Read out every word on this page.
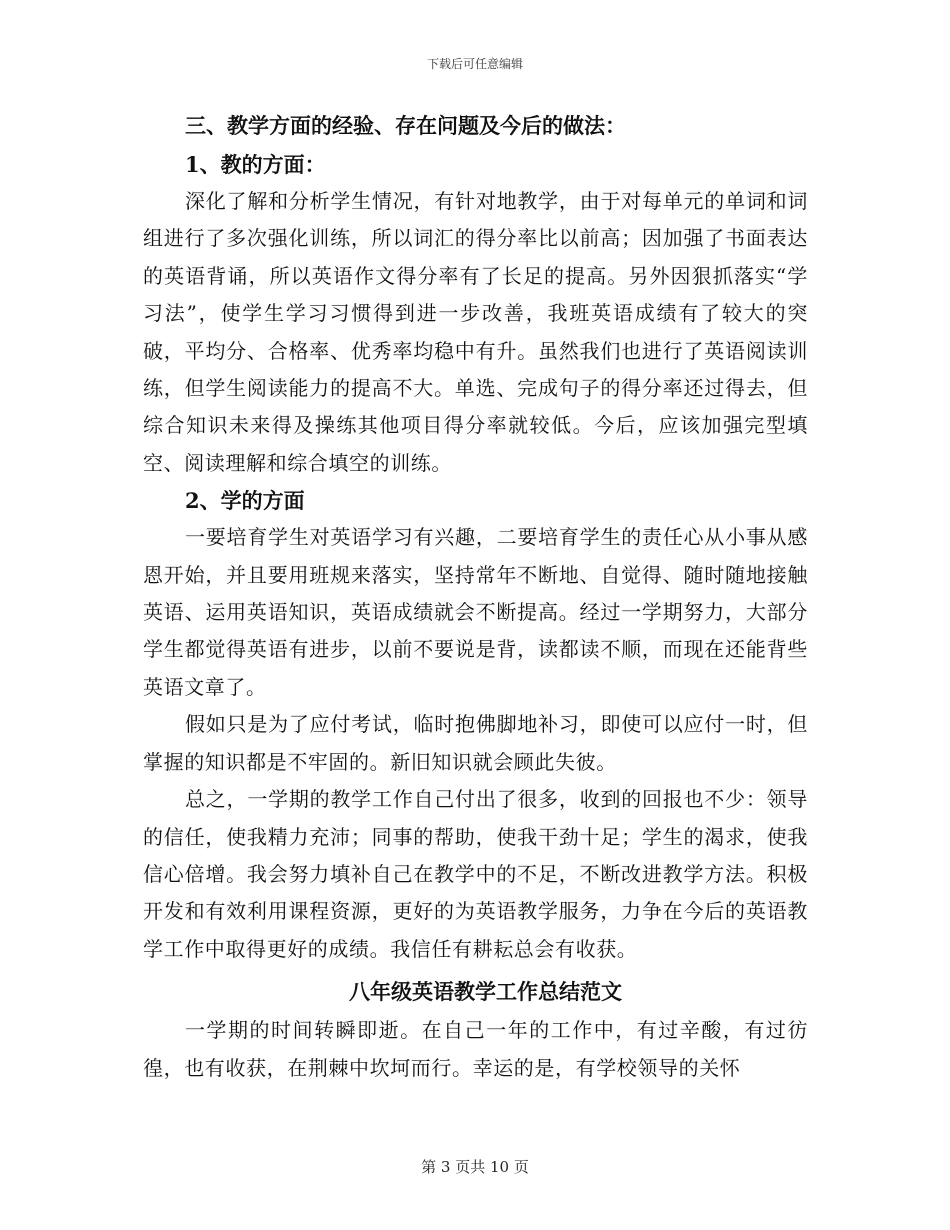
下载后可任意编辑
三、教学方面的经验、存在问题及今后的做法：
1、教的方面：

深化了解和分析学生情况，有针对地教学，由于对每单元的单词和词组进行了多次强化训练，所以词汇的得分率比以前高；因加强了书面表达的英语背诵，所以英语作文得分率有了长足的提高。另外因狠抓落实“学习法”，使学生学习习惯得到进一步改善，我班英语成绩有了较大的突破，平均分、合格率、优秀率均稳中有升。虽然我们也进行了英语阅读训练，但学生阅读能力的提高不大。单选、完成句子的得分率还过得去，但综合知识未来得及操练其他项目得分率就较低。今后，应该加强完型填空、阅读理解和综合填空的训练。

2、学的方面

一要培育学生对英语学习有兴趣，二要培育学生的责任心从小事从感恩开始，并且要用班规来落实，坚持常年不断地、自觉得、随时随地接触英语、运用英语知识，英语成绩就会不断提高。经过一学期努力，大部分学生都觉得英语有进步，以前不要说是背，读都读不顺，而现在还能背些英语文章了。

假如只是为了应付考试，临时抱佛脚地补习，即使可以应付一时，但掌握的知识都是不牢固的。新旧知识就会顾此失彼。

总之，一学期的教学工作自己付出了很多，收到的回报也不少：领导的信任，使我精力充沛；同事的帮助，使我干劲十足；学生的渴求，使我信心倍增。我会努力填补自己在教学中的不足，不断改进教学方法。积极开发和有效利用课程资源，更好的为英语教学服务，力争在今后的英语教学工作中取得更好的成绩。我信任有耕耘总会有收获。

八年级英语教学工作总结范文

一学期的时间转瞬即逝。在自己一年的工作中，有过辛酸，有过彷徨，也有收获，在荆棘中坎坷而行。幸运的是，有学校领导的关怀

第 3 页共 10 页
